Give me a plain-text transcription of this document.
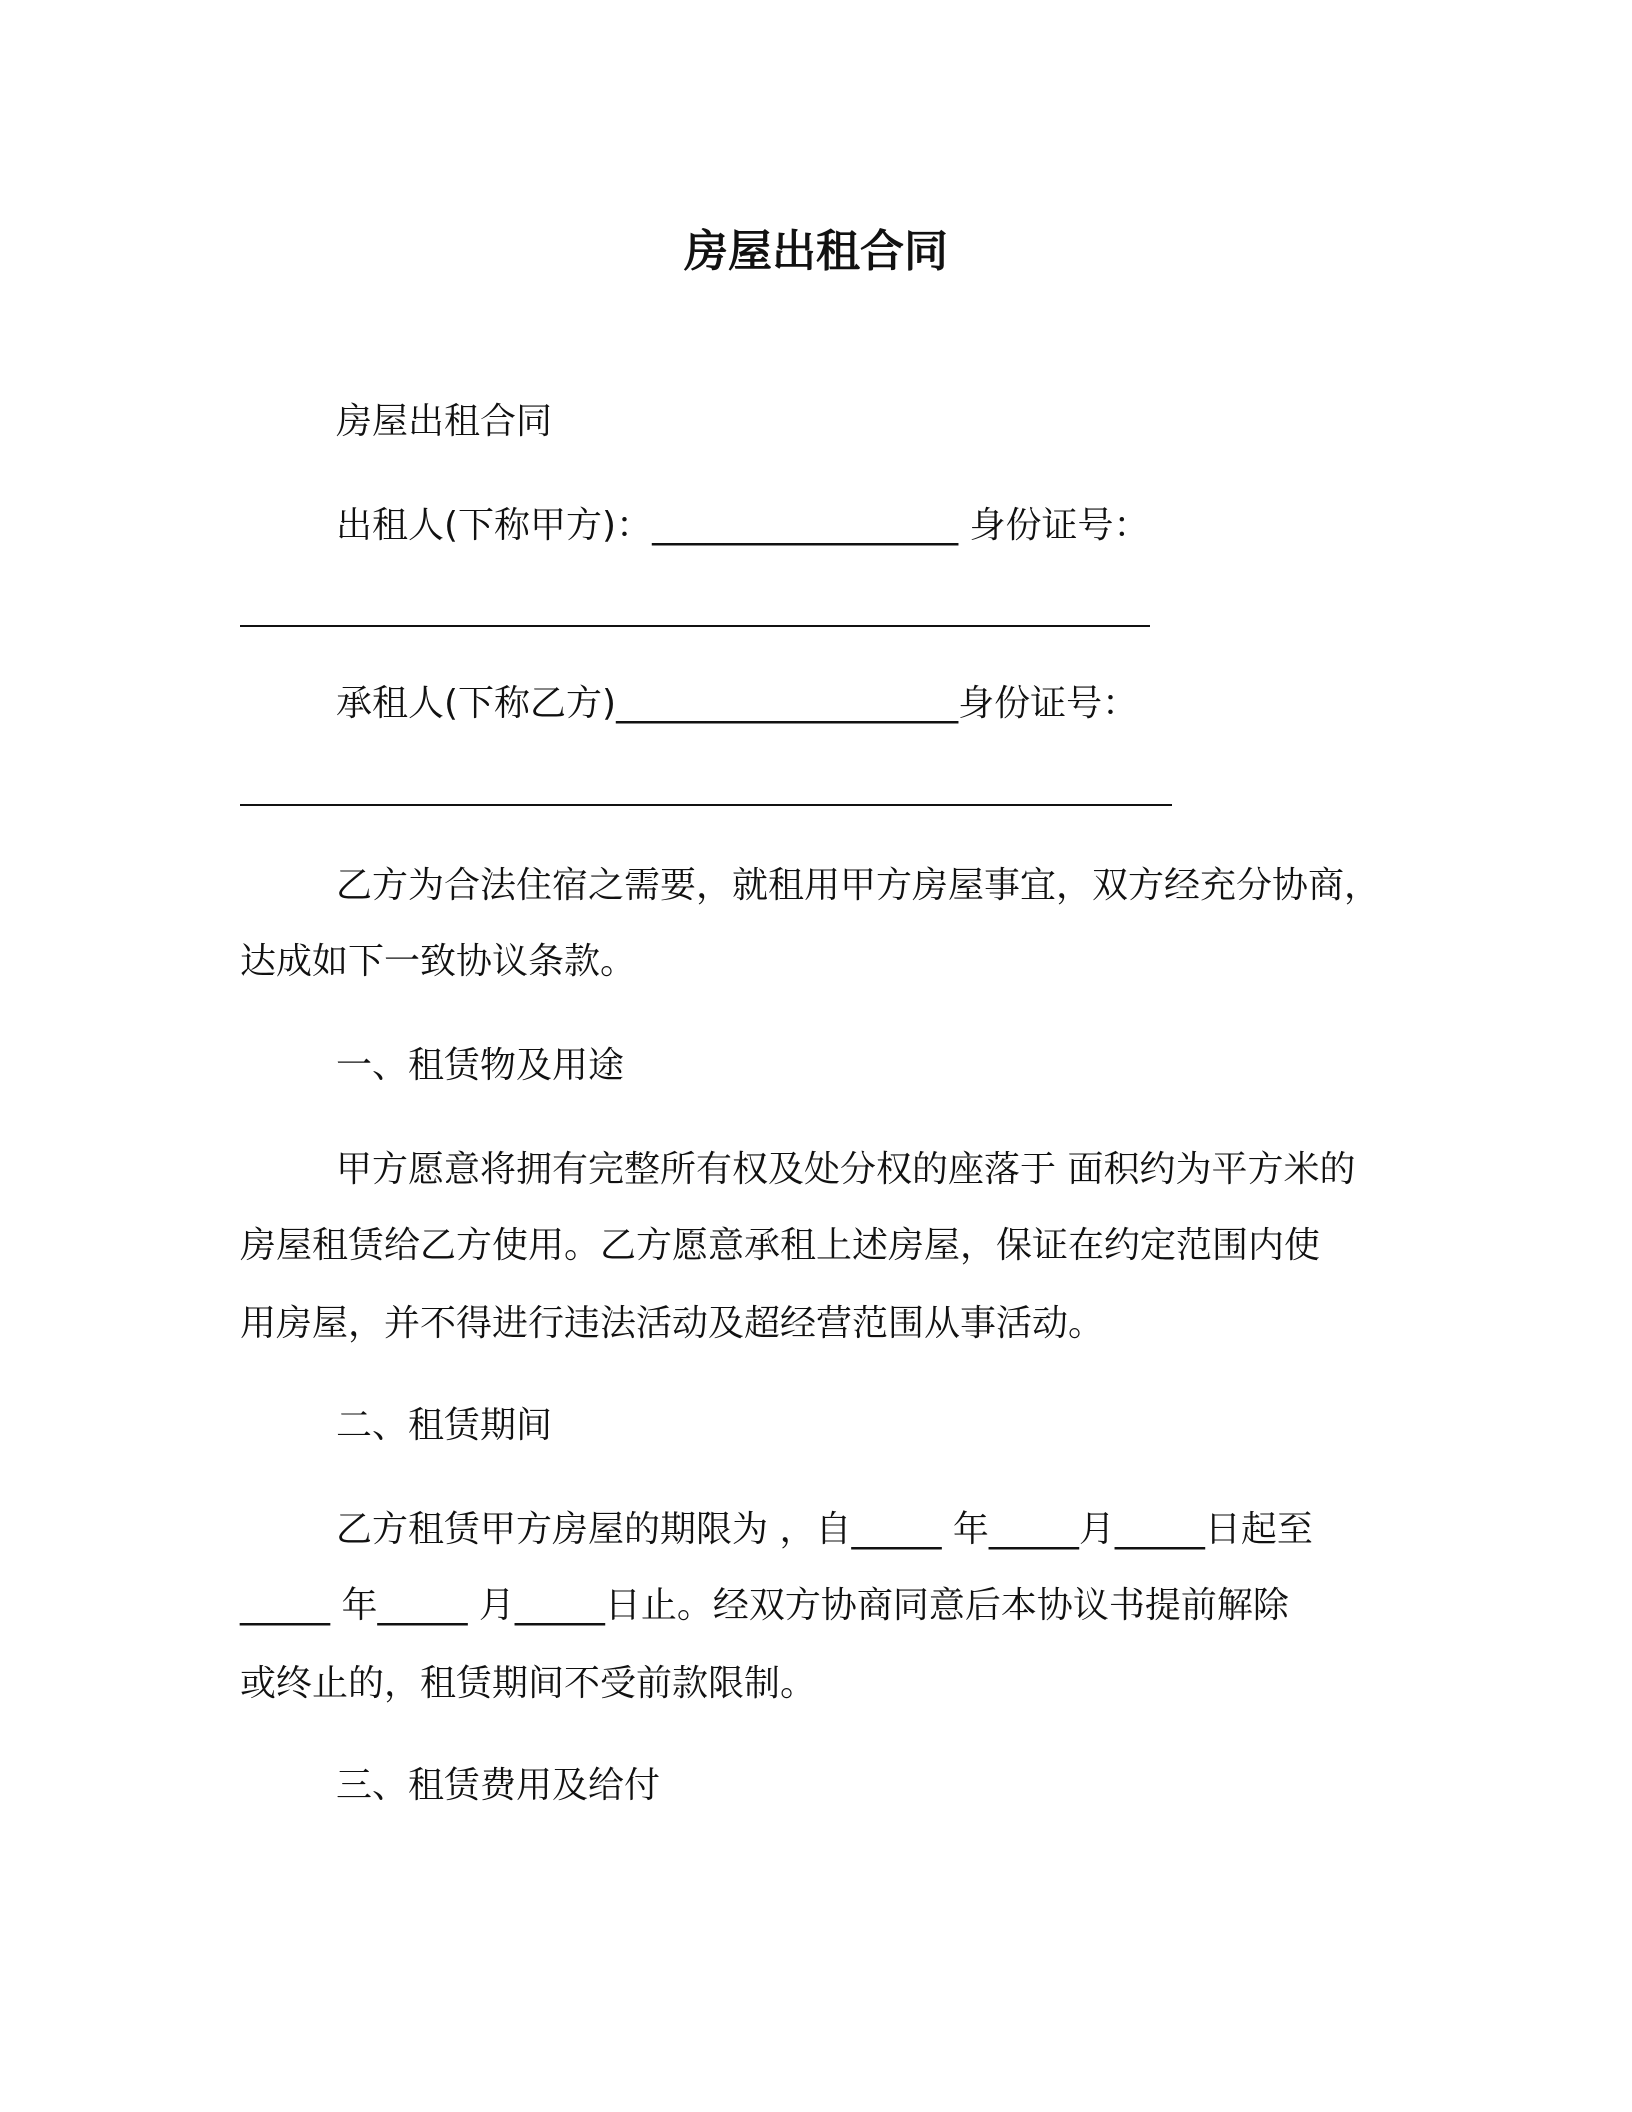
房屋出租合同

房屋出租合同

出租人(下称甲方)：_________________ 身份证号：

承租人(下称乙方)___________________身份证号：

乙方为合法住宿之需要，就租用甲方房屋事宜，双方经充分协商，

达成如下一致协议条款。

一、租赁物及用途

甲方愿意将拥有完整所有权及处分权的座落于 面积约为平方米的

房屋租赁给乙方使用。乙方愿意承租上述房屋，保证在约定范围内使

用房屋，并不得进行违法活动及超经营范围从事活动。

二、租赁期间

乙方租赁甲方房屋的期限为 ，自_____ 年_____月_____日起至

_____ 年_____ 月_____日止。经双方协商同意后本协议书提前解除

或终止的，租赁期间不受前款限制。

三、租赁费用及给付
